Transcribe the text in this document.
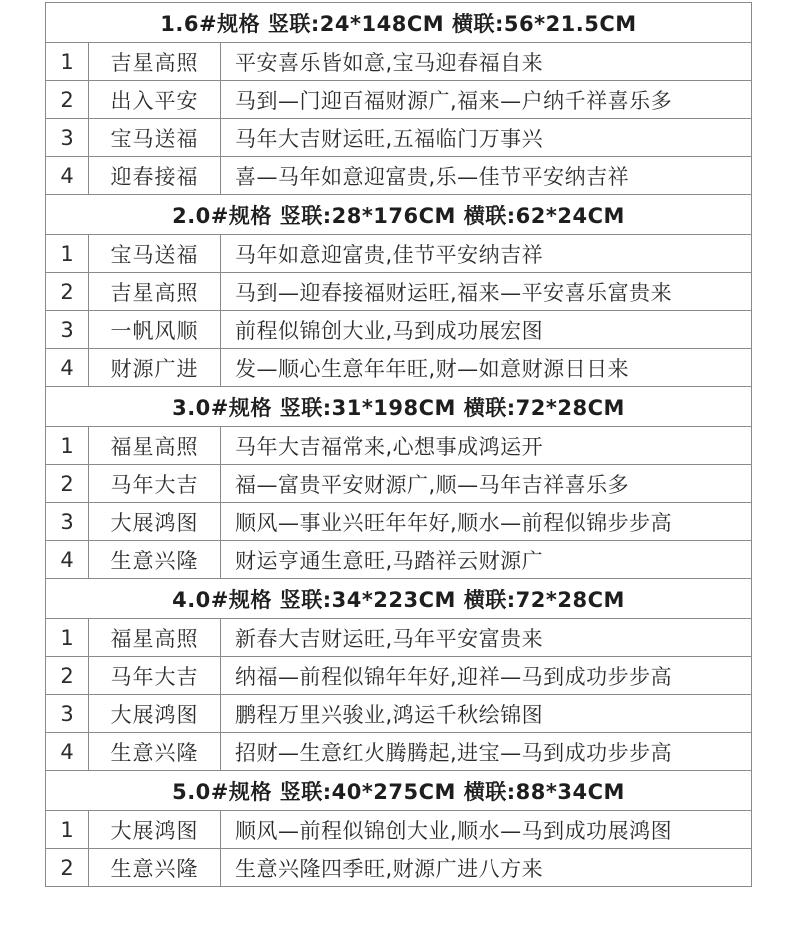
1.6#规格 竖联:24*148CM 横联:56*21.5CM
1	吉星高照	平安喜乐皆如意,宝马迎春福自来
2	出入平安	马到—门迎百福财源广,福来—户纳千祥喜乐多
3	宝马送福	马年大吉财运旺,五福临门万事兴
4	迎春接福	喜—马年如意迎富贵,乐—佳节平安纳吉祥
2.0#规格 竖联:28*176CM 横联:62*24CM
1	宝马送福	马年如意迎富贵,佳节平安纳吉祥
2	吉星高照	马到—迎春接福财运旺,福来—平安喜乐富贵来
3	一帆风顺	前程似锦创大业,马到成功展宏图
4	财源广进	发—顺心生意年年旺,财—如意财源日日来
3.0#规格 竖联:31*198CM 横联:72*28CM
1	福星高照	马年大吉福常来,心想事成鸿运开
2	马年大吉	福—富贵平安财源广,顺—马年吉祥喜乐多
3	大展鸿图	顺风—事业兴旺年年好,顺水—前程似锦步步高
4	生意兴隆	财运亨通生意旺,马踏祥云财源广
4.0#规格 竖联:34*223CM 横联:72*28CM
1	福星高照	新春大吉财运旺,马年平安富贵来
2	马年大吉	纳福—前程似锦年年好,迎祥—马到成功步步高
3	大展鸿图	鹏程万里兴骏业,鸿运千秋绘锦图
4	生意兴隆	招财—生意红火腾腾起,进宝—马到成功步步高
5.0#规格 竖联:40*275CM 横联:88*34CM
1	大展鸿图	顺风—前程似锦创大业,顺水—马到成功展鸿图
2	生意兴隆	生意兴隆四季旺,财源广进八方来
